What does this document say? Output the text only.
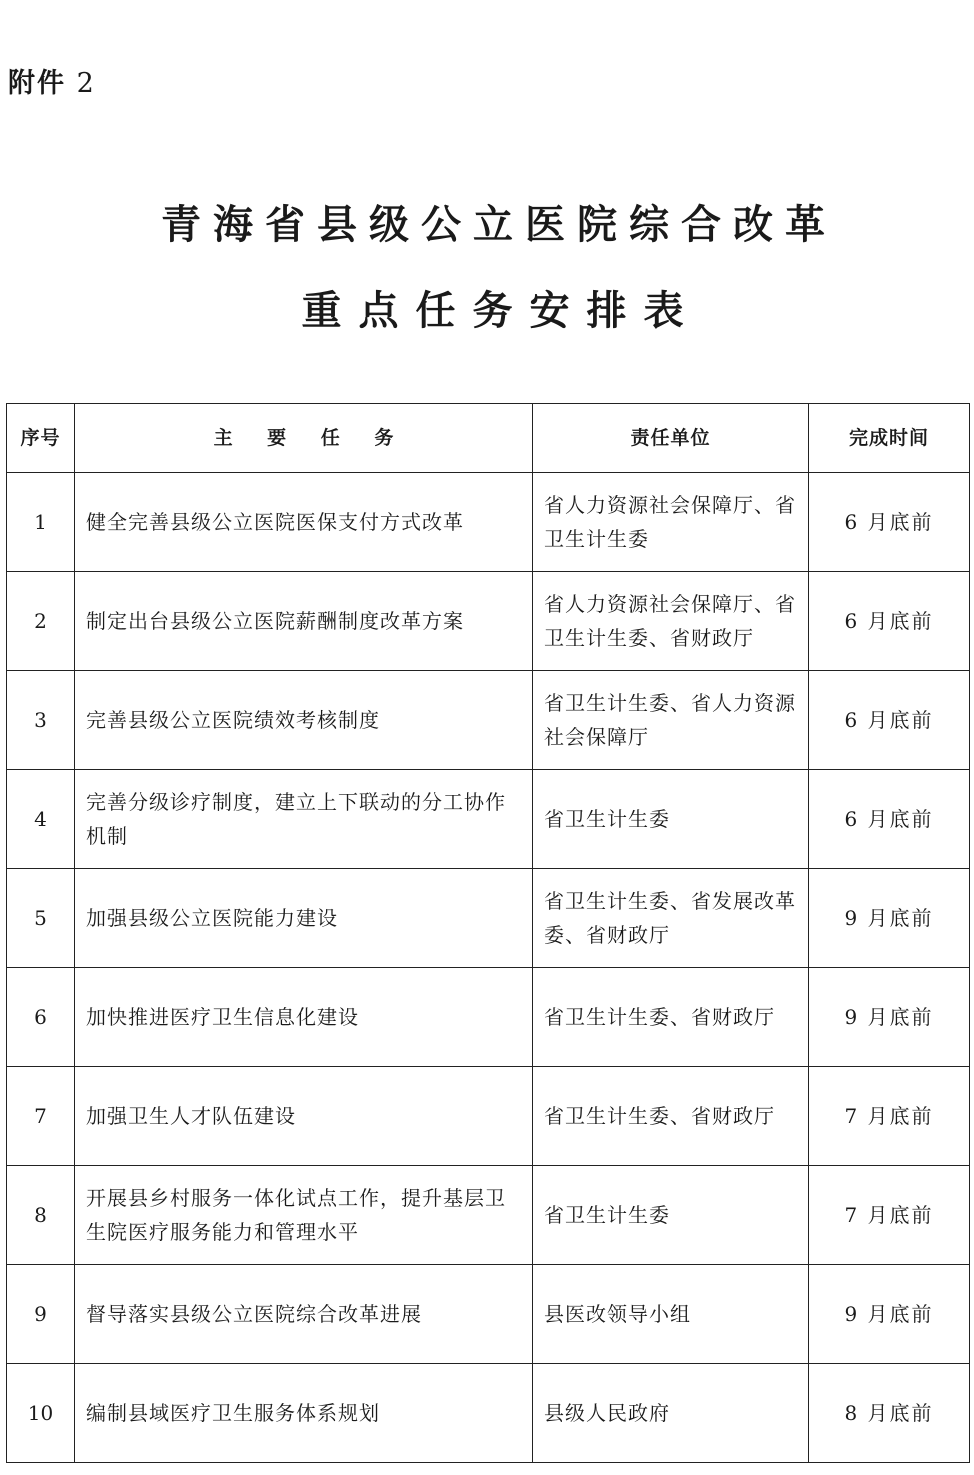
附件 2
青海省县级公立医院综合改革
重点任务安排表
序号	主 要 任 务	责任单位	完成时间
1	健全完善县级公立医院医保支付方式改革	省人力资源社会保障厅、省卫生计生委	6 月底前
2	制定出台县级公立医院薪酬制度改革方案	省人力资源社会保障厅、省卫生计生委、省财政厅	6 月底前
3	完善县级公立医院绩效考核制度	省卫生计生委、省人力资源社会保障厅	6 月底前
4	完善分级诊疗制度，建立上下联动的分工协作机制	省卫生计生委	6 月底前
5	加强县级公立医院能力建设	省卫生计生委、省发展改革委、省财政厅	9 月底前
6	加快推进医疗卫生信息化建设	省卫生计生委、省财政厅	9 月底前
7	加强卫生人才队伍建设	省卫生计生委、省财政厅	7 月底前
8	开展县乡村服务一体化试点工作，提升基层卫生院医疗服务能力和管理水平	省卫生计生委	7 月底前
9	督导落实县级公立医院综合改革进展	县医改领导小组	9 月底前
10	编制县域医疗卫生服务体系规划	县级人民政府	8 月底前
